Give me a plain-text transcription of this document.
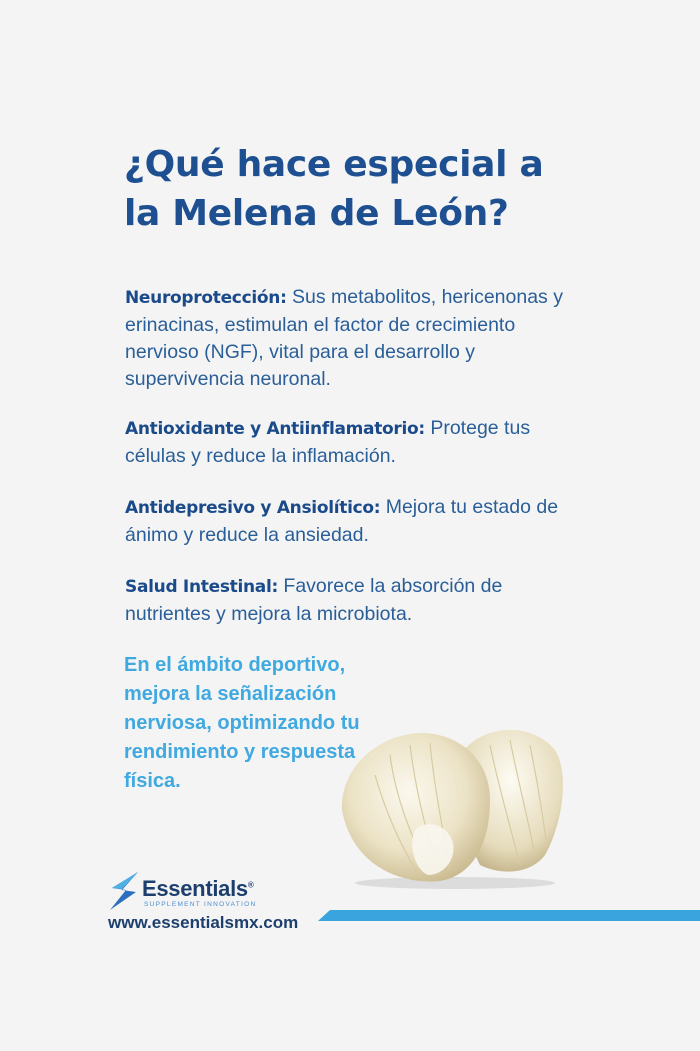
¿Qué hace especial a
la Melena de León?

Neuroprotección: Sus metabolitos, hericenonas y erinacinas, estimulan el factor de crecimiento nervioso (NGF), vital para el desarrollo y supervivencia neuronal.

Antioxidante y Antiinflamatorio: Protege tus células y reduce la inflamación.

Antidepresivo y Ansiolítico: Mejora tu estado de ánimo y reduce la ansiedad.

Salud Intestinal: Favorece la absorción de nutrientes y mejora la microbiota.

En el ámbito deportivo, mejora la señalización nerviosa, optimizando tu rendimiento y respuesta física.

Essentials®
SUPPLEMENT INNOVATION
www.essentialsmx.com
